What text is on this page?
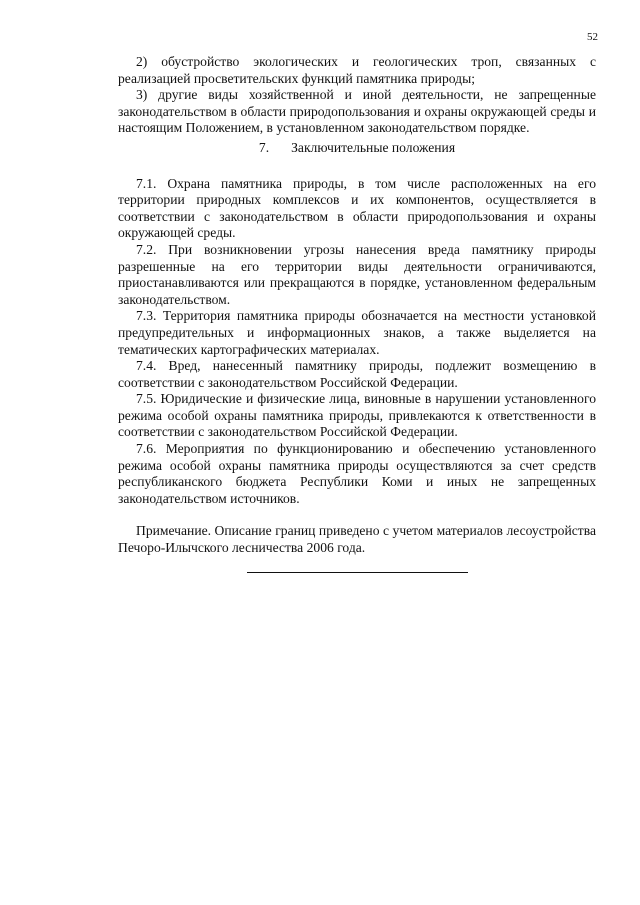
52

2) обустройство экологических и геологических троп, связанных с реализацией просветительских функций памятника природы;

3) другие виды хозяйственной и иной деятельности, не запрещенные законодательством в области природопользования и охраны окружающей среды и настоящим Положением, в установленном законодательством порядке.

7. Заключительные положения

7.1. Охрана памятника природы, в том числе расположенных на его территории природных комплексов и их компонентов, осуществляется в соответствии с законодательством в области природопользования и охраны окружающей среды.

7.2. При возникновении угрозы нанесения вреда памятнику природы разрешенные на его территории виды деятельности ограничиваются, приостанавливаются или прекращаются в порядке, установленном федеральным законодательством.

7.3. Территория памятника природы обозначается на местности установкой предупредительных и информационных знаков, а также выделяется на тематических картографических материалах.

7.4. Вред, нанесенный памятнику природы, подлежит возмещению в соответствии с законодательством Российской Федерации.

7.5. Юридические и физические лица, виновные в нарушении установленного режима особой охраны памятника природы, привлекаются к ответственности в соответствии с законодательством Российской Федерации.

7.6. Мероприятия по функционированию и обеспечению установленного режима особой охраны памятника природы осуществляются за счет средств республиканского бюджета Республики Коми и иных не запрещенных законодательством источников.

Примечание. Описание границ приведено с учетом материалов лесоустройства Печоро-Илычского лесничества 2006 года.
